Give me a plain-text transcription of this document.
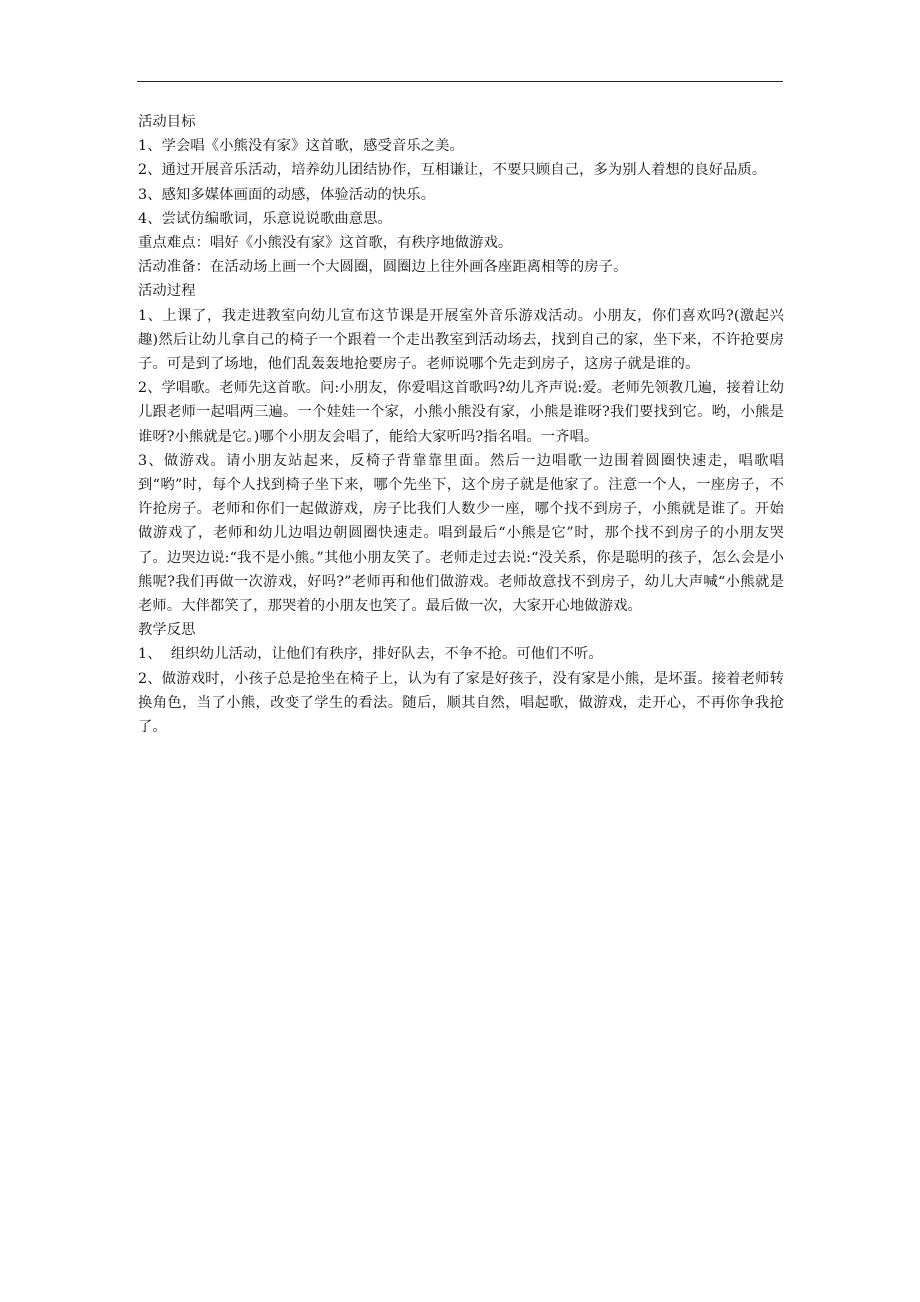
活动目标

1、学会唱《小熊没有家》这首歌，感受音乐之美。

2、通过开展音乐活动，培养幼儿团结协作，互相谦让，不要只顾自己，多为别人着想的良好品质。

3、感知多媒体画面的动感，体验活动的快乐。

4、尝试仿编歌词，乐意说说歌曲意思。

重点难点：唱好《小熊没有家》这首歌，有秩序地做游戏。

活动准备：在活动场上画一个大圆圈，圆圈边上往外画各座距离相等的房子。

活动过程

1、上课了，我走进教室向幼儿宣布这节课是开展室外音乐游戏活动。小朋友，你们喜欢吗?(激起兴趣)然后让幼儿拿自己的椅子一个跟着一个走出教室到活动场去，找到自己的家，坐下来，不许抢要房子。可是到了场地，他们乱轰轰地抢要房子。老师说哪个先走到房子，这房子就是谁的。

2、学唱歌。老师先这首歌。问:小朋友，你爱唱这首歌吗?幼儿齐声说:爱。老师先领教几遍，接着让幼儿跟老师一起唱两三遍。一个娃娃一个家，小熊小熊没有家，小熊是谁呀?我们要找到它。哟，小熊是谁呀?小熊就是它。)哪个小朋友会唱了，能给大家听吗?指名唱。一齐唱。

3、做游戏。请小朋友站起来，反椅子背靠靠里面。然后一边唱歌一边围着圆圈快速走，唱歌唱到“哟”时，每个人找到椅子坐下来，哪个先坐下，这个房子就是他家了。注意一个人，一座房子，不许抢房子。老师和你们一起做游戏，房子比我们人数少一座，哪个找不到房子，小熊就是谁了。开始做游戏了，老师和幼儿边唱边朝圆圈快速走。唱到最后“小熊是它”时，那个找不到房子的小朋友哭了。边哭边说:“我不是小熊。”其他小朋友笑了。老师走过去说:“没关系，你是聪明的孩子，怎么会是小熊呢?我们再做一次游戏，好吗?”老师再和他们做游戏。老师故意找不到房子，幼儿大声喊“小熊就是老师。大伴都笑了，那哭着的小朋友也笑了。最后做一次，大家开心地做游戏。

教学反思

1、  组织幼儿活动，让他们有秩序，排好队去，不争不抢。可他们不听。

2、做游戏时，小孩子总是抢坐在椅子上，认为有了家是好孩子，没有家是小熊，是坏蛋。接着老师转换角色，当了小熊，改变了学生的看法。随后，顺其自然，唱起歌，做游戏，走开心，不再你争我抢了。
